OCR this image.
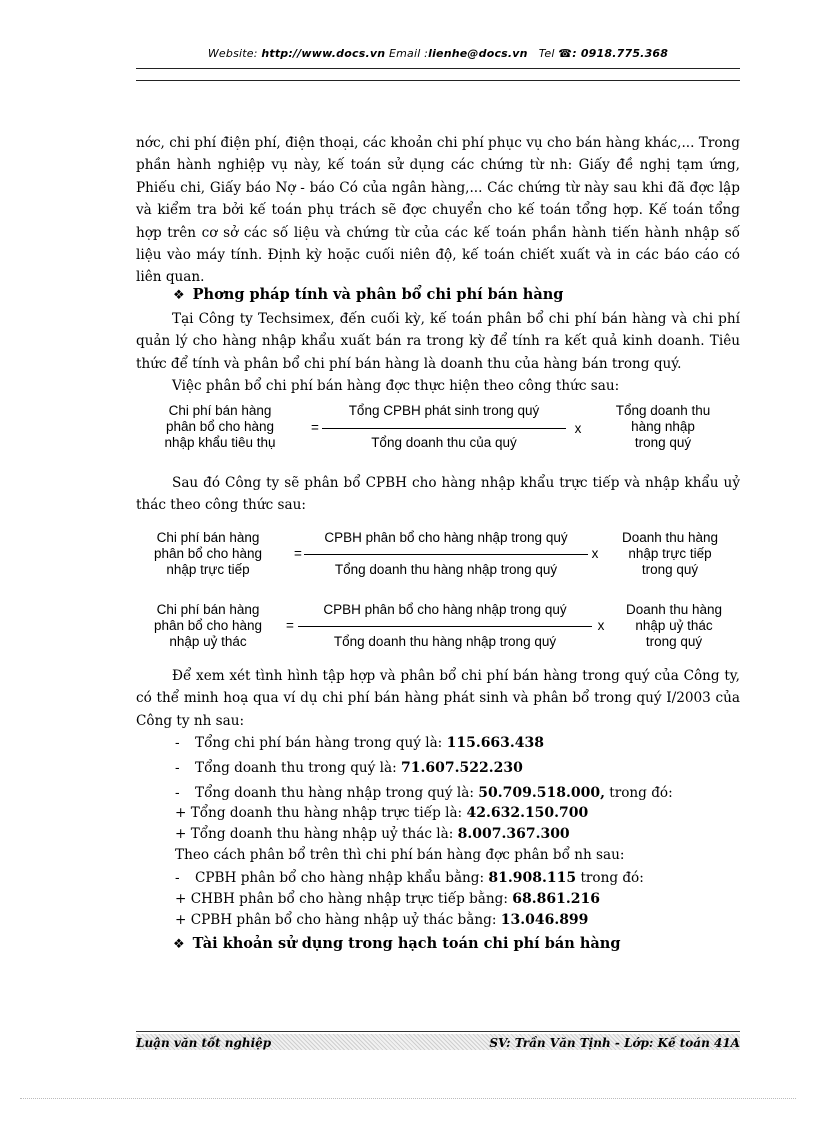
Website: http://www.docs.vn Email :lienhe@docs.vn Tel ☎: 0918.775.368
nớc, chi phí điện phí, điện thoại, các khoản chi phí phục vụ cho bán hàng khác,... Trong phần hành nghiệp vụ này, kế toán sử dụng các chứng từ nh: Giấy đề nghị tạm ứng, Phiếu chi, Giấy báo Nợ - báo Có của ngân hàng,... Các chứng từ này sau khi đã đợc lập và kiểm tra bởi kế toán phụ trách sẽ đợc chuyển cho kế toán tổng hợp. Kế toán tổng hợp trên cơ sở các số liệu và chứng từ của các kế toán phần hành tiến hành nhập số liệu vào máy tính. Định kỳ hoặc cuối niên độ, kế toán chiết xuất và in các báo cáo có liên quan.
❖ Phơng pháp tính và phân bổ chi phí bán hàng
Tại Công ty Techsimex, đến cuối kỳ, kế toán phân bổ chi phí bán hàng và chi phí quản lý cho hàng nhập khẩu xuất bán ra trong kỳ để tính ra kết quả kinh doanh. Tiêu thức để tính và phân bổ chi phí bán hàng là doanh thu của hàng bán trong quý.
Việc phân bổ chi phí bán hàng đợc thực hiện theo công thức sau:
Chi phí bán hàng
phân bổ cho hàng
nhập khẩu tiêu thụ
=
Tổng CPBH phát sinh trong quý
Tổng doanh thu của quý
x
Tổng doanh thu
hàng nhập
trong quý
Sau đó Công ty sẽ phân bổ CPBH cho hàng nhập khẩu trực tiếp và nhập khẩu uỷ thác theo công thức sau:
Chi phí bán hàng
phân bổ cho hàng
nhập trực tiếp
=
CPBH phân bổ cho hàng nhập trong quý
Tổng doanh thu hàng nhập trong quý
x
Doanh thu hàng
nhập trực tiếp
trong quý
Chi phí bán hàng
phân bổ cho hàng
nhập uỷ thác
=
CPBH phân bổ cho hàng nhập trong quý
Tổng doanh thu hàng nhập trong quý
x
Doanh thu hàng
nhập uỷ thác
trong quý
Để xem xét tình hình tập hợp và phân bổ chi phí bán hàng trong quý của Công ty, có thể minh hoạ qua ví dụ chi phí bán hàng phát sinh và phân bổ trong quý I/2003 của Công ty nh sau:
- Tổng chi phí bán hàng trong quý là: 115.663.438
- Tổng doanh thu trong quý là: 71.607.522.230
- Tổng doanh thu hàng nhập trong quý là: 50.709.518.000, trong đó:
+ Tổng doanh thu hàng nhập trực tiếp là: 42.632.150.700
+ Tổng doanh thu hàng nhập uỷ thác là: 8.007.367.300
Theo cách phân bổ trên thì chi phí bán hàng đợc phân bổ nh sau:
- CPBH phân bổ cho hàng nhập khẩu bằng: 81.908.115 trong đó:
+ CHBH phân bổ cho hàng nhập trực tiếp bằng: 68.861.216
+ CPBH phân bổ cho hàng nhập uỷ thác bằng: 13.046.899
❖ Tài khoản sử dụng trong hạch toán chi phí bán hàng
Luận văn tốt nghiệp	SV: Trần Văn Tịnh - Lớp: Kế toán 41A
